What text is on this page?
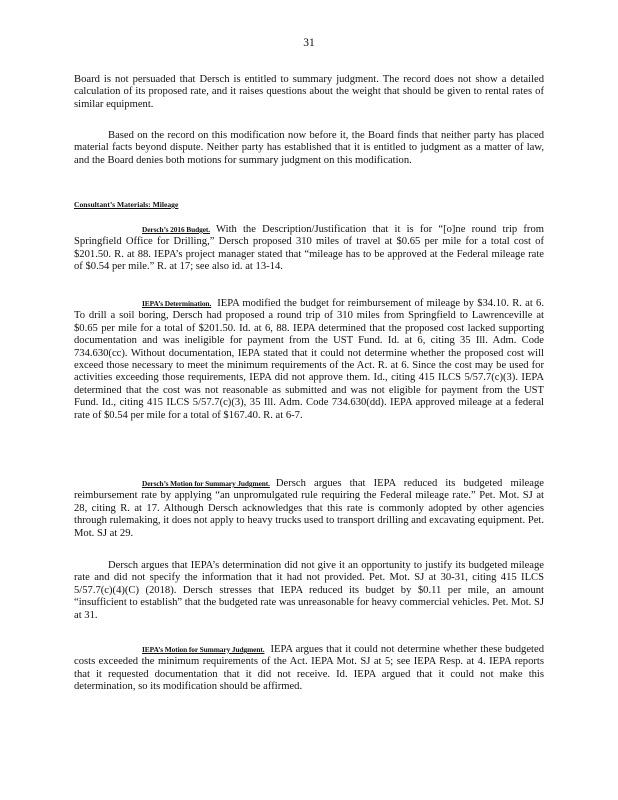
31
Board is not persuaded that Dersch is entitled to summary judgment. The record does not show a detailed calculation of its proposed rate, and it raises questions about the weight that should be given to rental rates of similar equipment.
Based on the record on this modification now before it, the Board finds that neither party has placed material facts beyond dispute. Neither party has established that it is entitled to judgment as a matter of law, and the Board denies both motions for summary judgment on this modification.
Consultant’s Materials: Mileage
Dersch’s 2016 Budget. With the Description/Justification that it is for “[o]ne round trip from Springfield Office for Drilling,” Dersch proposed 310 miles of travel at $0.65 per mile for a total cost of $201.50. R. at 88. IEPA’s project manager stated that “mileage has to be approved at the Federal mileage rate of $0.54 per mile.” R. at 17; see also id. at 13-14.
IEPA’s Determination. IEPA modified the budget for reimbursement of mileage by $34.10. R. at 6. To drill a soil boring, Dersch had proposed a round trip of 310 miles from Springfield to Lawrenceville at $0.65 per mile for a total of $201.50. Id. at 6, 88. IEPA determined that the proposed cost lacked supporting documentation and was ineligible for payment from the UST Fund. Id. at 6, citing 35 Ill. Adm. Code 734.630(cc). Without documentation, IEPA stated that it could not determine whether the proposed cost will exceed those necessary to meet the minimum requirements of the Act. R. at 6. Since the cost may be used for activities exceeding those requirements, IEPA did not approve them. Id., citing 415 ILCS 5/57.7(c)(3). IEPA determined that the cost was not reasonable as submitted and was not eligible for payment from the UST Fund. Id., citing 415 ILCS 5/57.7(c)(3), 35 Ill. Adm. Code 734.630(dd). IEPA approved mileage at a federal rate of $0.54 per mile for a total of $167.40. R. at 6-7.
Dersch’s Motion for Summary Judgment. Dersch argues that IEPA reduced its budgeted mileage reimbursement rate by applying “an unpromulgated rule requiring the Federal mileage rate.” Pet. Mot. SJ at 28, citing R. at 17. Although Dersch acknowledges that this rate is commonly adopted by other agencies through rulemaking, it does not apply to heavy trucks used to transport drilling and excavating equipment. Pet. Mot. SJ at 29.
Dersch argues that IEPA’s determination did not give it an opportunity to justify its budgeted mileage rate and did not specify the information that it had not provided. Pet. Mot. SJ at 30-31, citing 415 ILCS 5/57.7(c)(4)(C) (2018). Dersch stresses that IEPA reduced its budget by $0.11 per mile, an amount “insufficient to establish” that the budgeted rate was unreasonable for heavy commercial vehicles. Pet. Mot. SJ at 31.
IEPA’s Motion for Summary Judgment. IEPA argues that it could not determine whether these budgeted costs exceeded the minimum requirements of the Act. IEPA Mot. SJ at 5; see IEPA Resp. at 4. IEPA reports that it requested documentation that it did not receive. Id. IEPA argued that it could not make this determination, so its modification should be affirmed.
